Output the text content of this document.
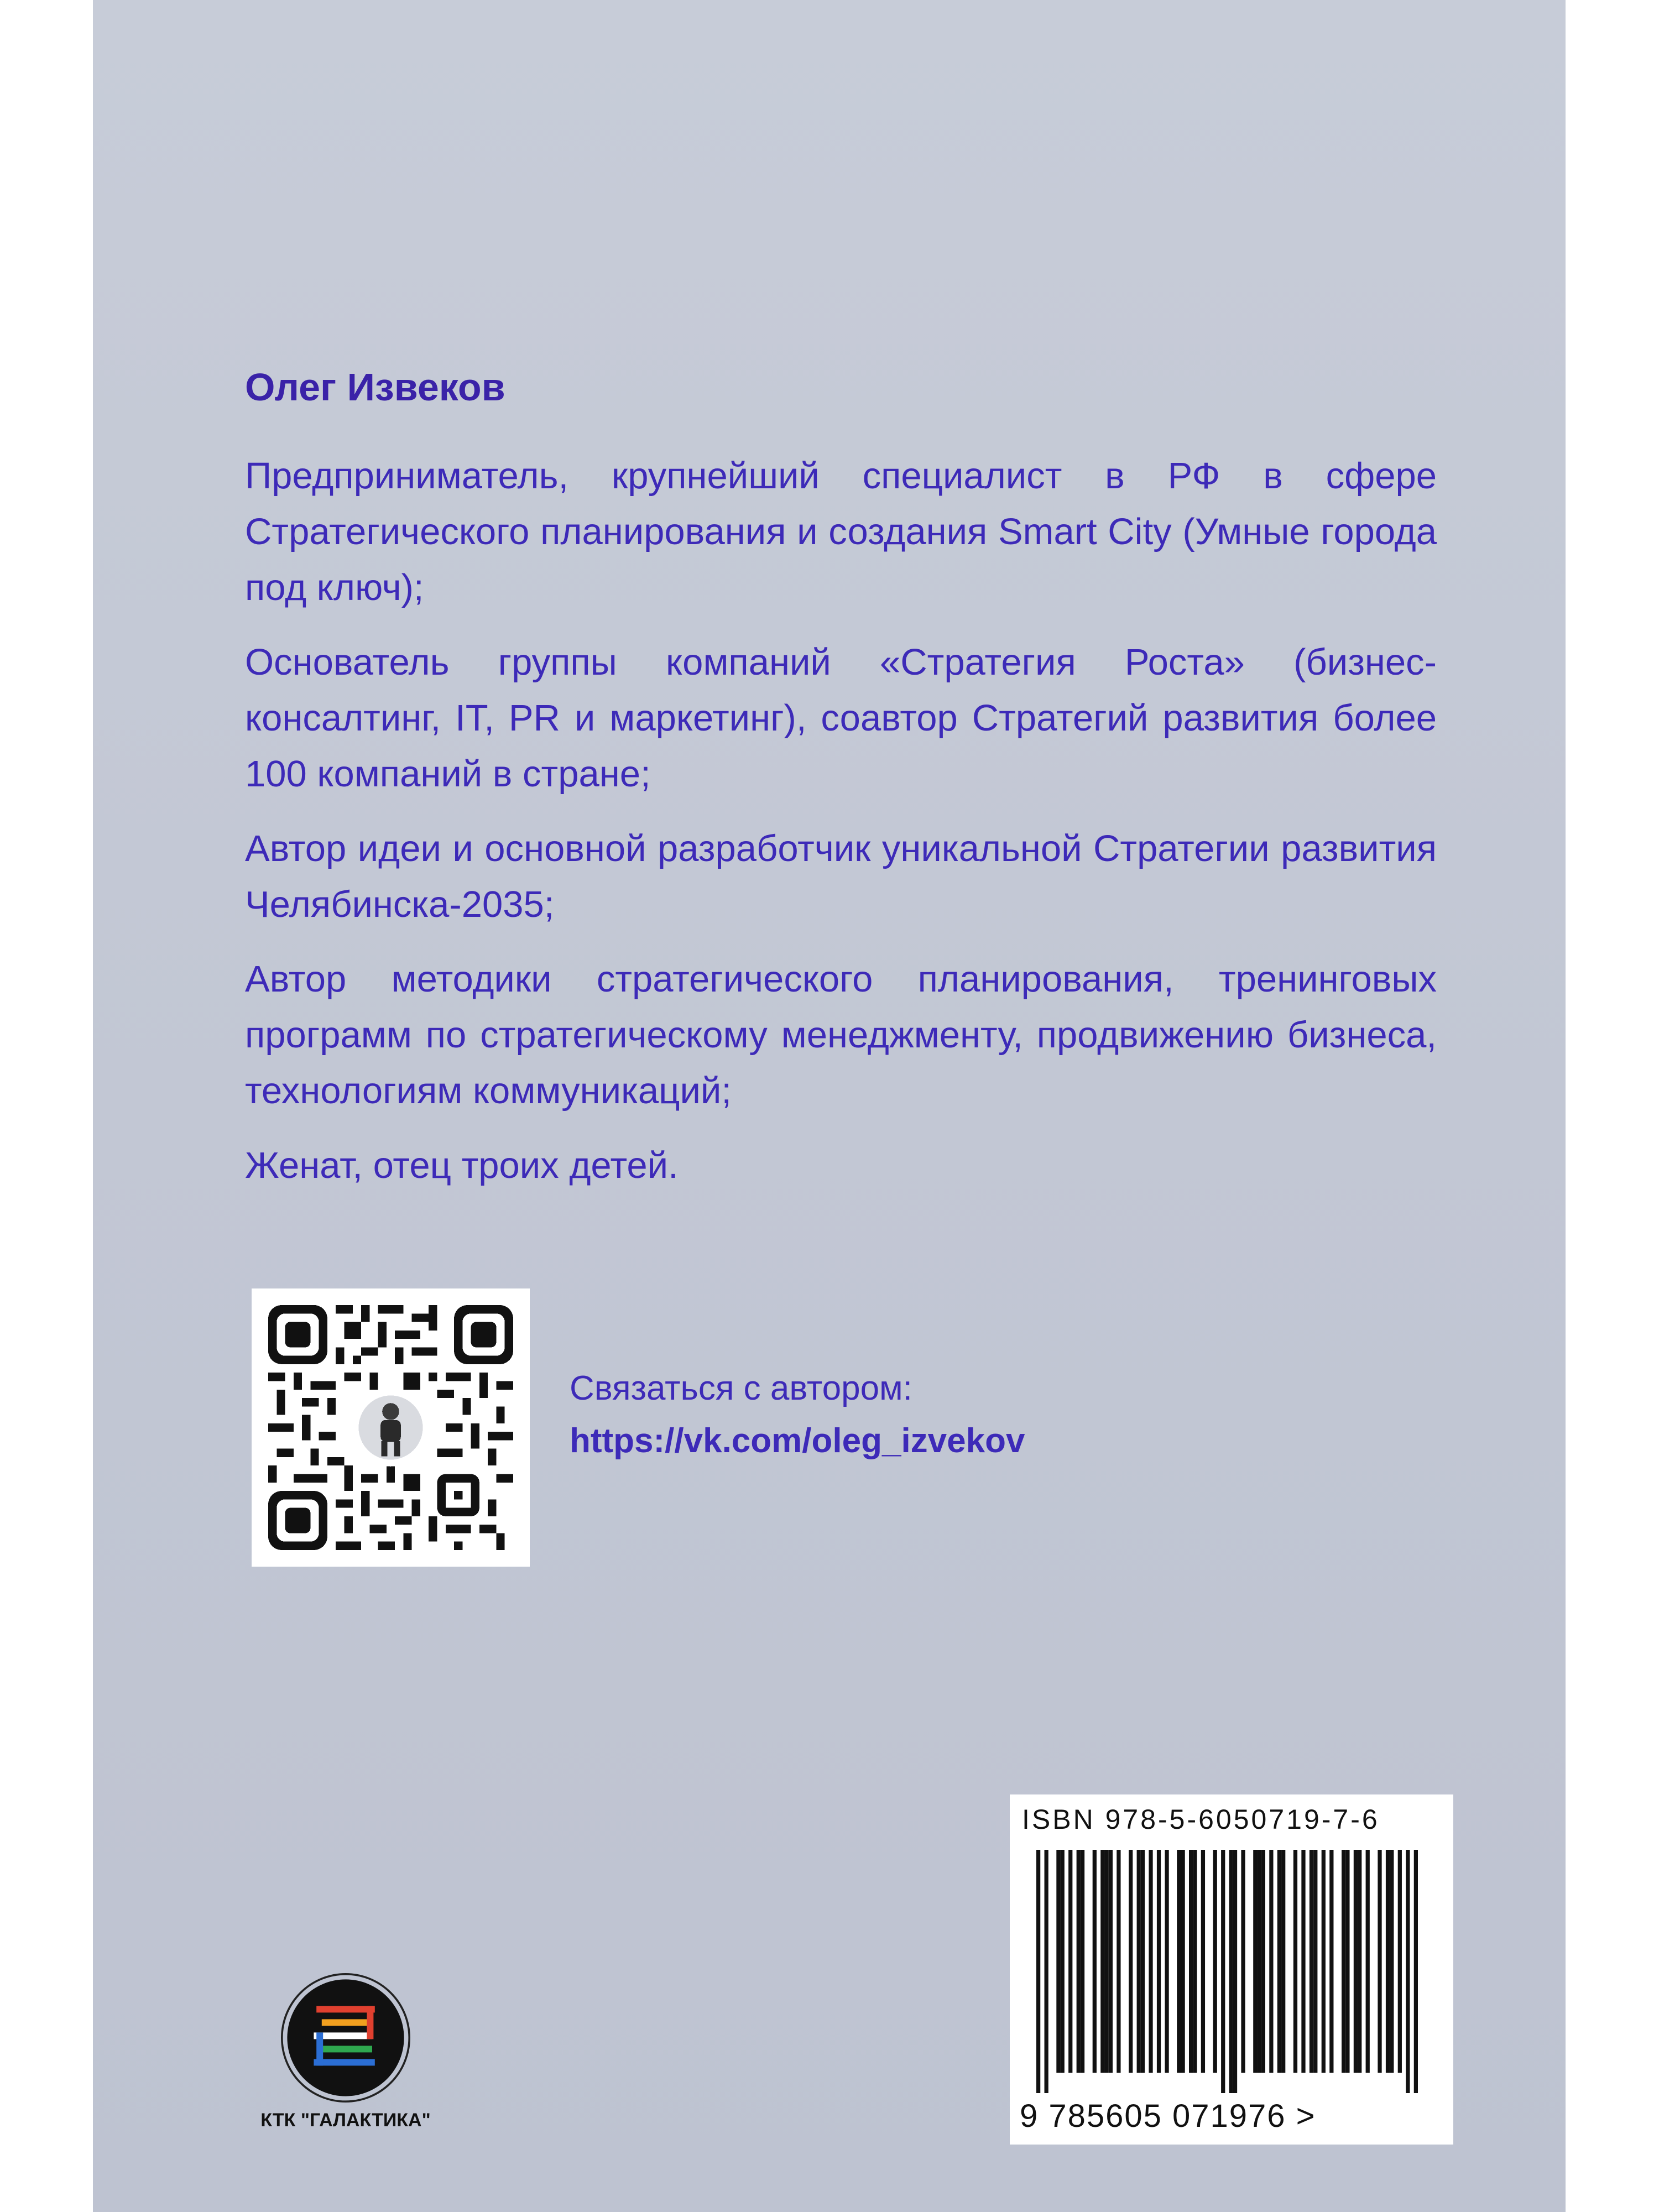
Олег Извеков

Предприниматель, крупнейший специалист в РФ в сфере Стратегического планирования и создания Smart City (Умные города под ключ);

Основатель группы компаний «Стратегия Роста» (бизнес-консалтинг, IT, PR и маркетинг), соавтор Стратегий развития более 100 компаний в стране;

Автор идеи и основной разработчик уникальной Стратегии развития Челябинска-2035;

Автор методики стратегического планирования, тренинговых программ по стратегическому менеджменту, продвижению бизнеса, технологиям коммуникаций;

Женат, отец троих детей.

Связаться с автором:
https://vk.com/oleg_izvekov
ISBN 978-5-6050719-7-6
9 785605 071976 >
КТК "ГАЛАКТИКА"
